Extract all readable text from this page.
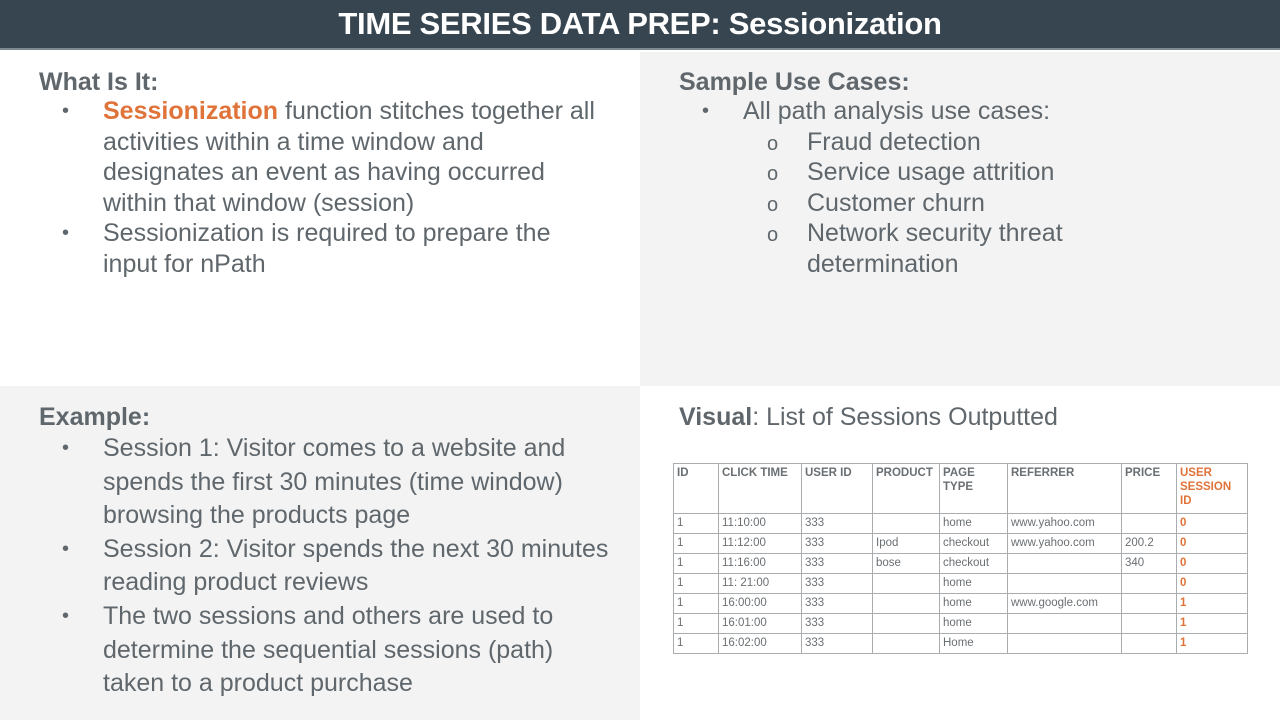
TIME SERIES DATA PREP: Sessionization
What Is It:
• Sessionization function stitches together all activities within a time window and designates an event as having occurred within that window (session)
• Sessionization is required to prepare the input for nPath
Sample Use Cases:
• All path analysis use cases:
o Fraud detection
o Service usage attrition
o Customer churn
o Network security threat determination
Example:
• Session 1: Visitor comes to a website and spends the first 30 minutes (time window) browsing the products page
• Session 2: Visitor spends the next 30 minutes reading product reviews
• The two sessions and others are used to determine the sequential sessions (path) taken to a product purchase
Visual: List of Sessions Outputted
ID	CLICK TIME	USER ID	PRODUCT	PAGE TYPE	REFERRER	PRICE	USER SESSION ID
1	11:10:00	333		home	www.yahoo.com		0
1	11:12:00	333	Ipod	checkout	www.yahoo.com	200.2	0
1	11:16:00	333	bose	checkout		340	0
1	11: 21:00	333		home			0
1	16:00:00	333		home	www.google.com		1
1	16:01:00	333		home			1
1	16:02:00	333		Home			1
